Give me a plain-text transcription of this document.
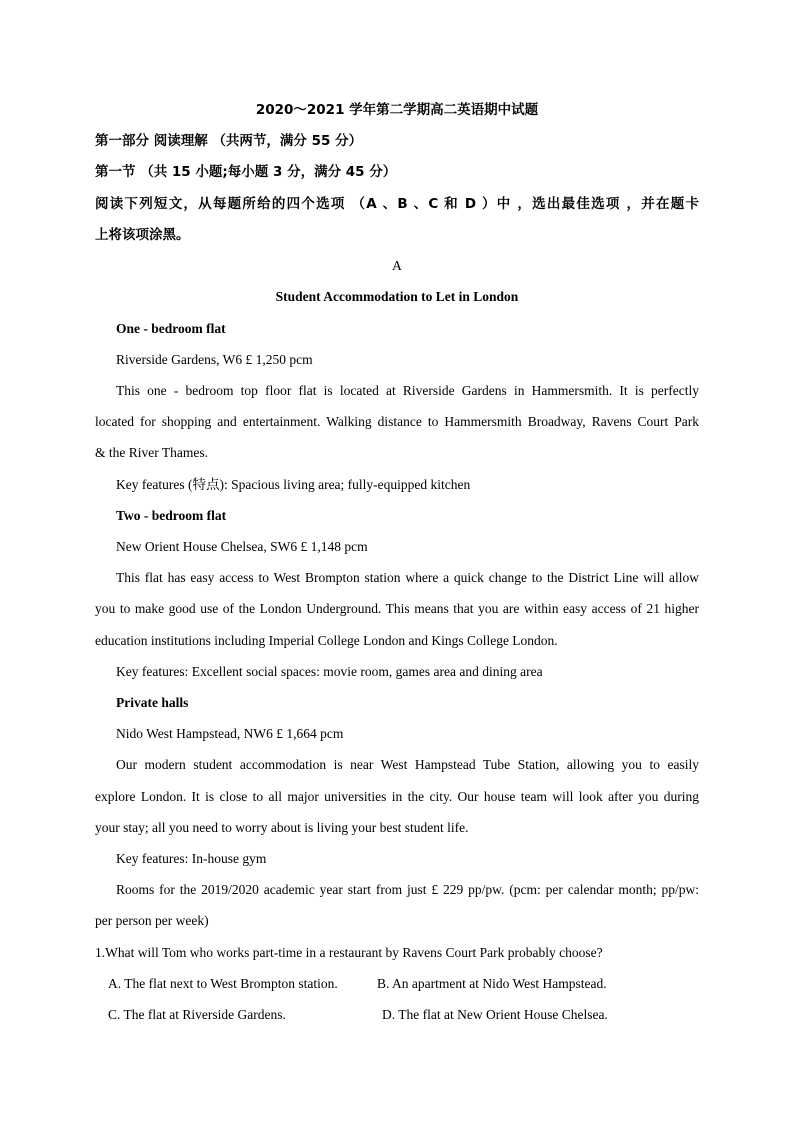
2020～2021 学年第二学期高二英语期中试题
第一部分 阅读理解 （共两节，满分 55 分）
第一节 （共 15 小题;每小题 3 分，满分 45 分）
阅读下列短文，从每题所给的四个选项 （A 、B 、C 和 D ）中 ，选出最佳选项 ，并在题卡
上将该项涂黑。
A
Student Accommodation to Let in London
One - bedroom flat
Riverside Gardens, W6 £ 1,250 pcm
This one - bedroom top floor flat is located at Riverside Gardens in Hammersmith. It is perfectly
located for shopping and entertainment. Walking distance to Hammersmith Broadway, Ravens Court Park
& the River Thames.
Key features (特点): Spacious living area; fully-equipped kitchen
Two - bedroom flat
New Orient House Chelsea, SW6 £ 1,148 pcm
This flat has easy access to West Brompton station where a quick change to the District Line will allow
you to make good use of the London Underground. This means that you are within easy access of 21 higher
education institutions including Imperial College London and Kings College London.
Key features: Excellent social spaces: movie room, games area and dining area
Private halls
Nido West Hampstead, NW6 £ 1,664 pcm
Our modern student accommodation is near West Hampstead Tube Station, allowing you to easily
explore London. It is close to all major universities in the city. Our house team will look after you during
your stay; all you need to worry about is living your best student life.
Key features: In-house gym
Rooms for the 2019/2020 academic year start from just £ 229 pp/pw. (pcm: per calendar month; pp/pw:
per person per week)
1.What will Tom who works part-time in a restaurant by Ravens Court Park probably choose?
A. The flat next to West Brompton station.	B. An apartment at Nido West Hampstead.
C. The flat at Riverside Gardens.	D. The flat at New Orient House Chelsea.
